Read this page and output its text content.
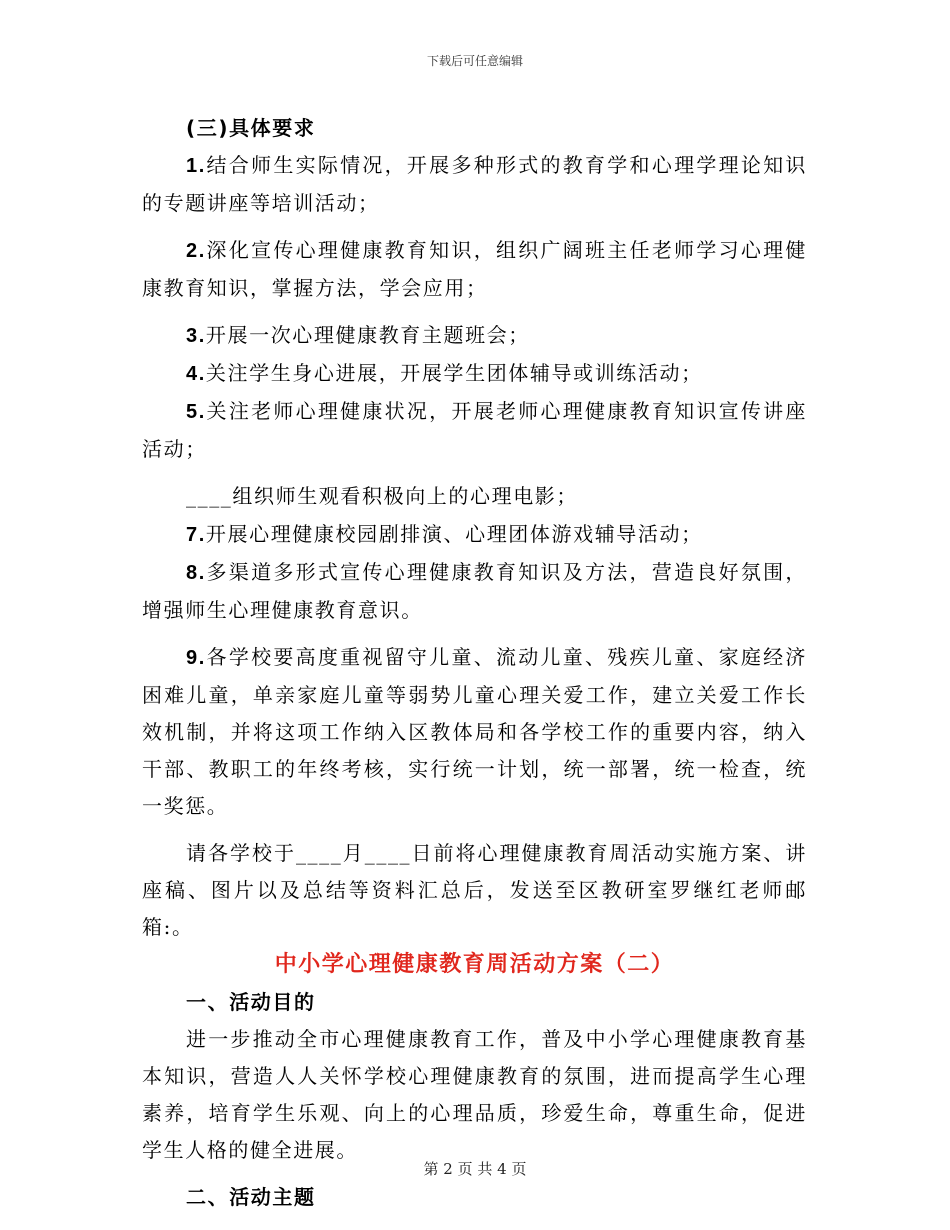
下载后可任意编辑

(三)具体要求

1.结合师生实际情况，开展多种形式的教育学和心理学理论知识的专题讲座等培训活动；

2.深化宣传心理健康教育知识，组织广阔班主任老师学习心理健康教育知识，掌握方法，学会应用；

3.开展一次心理健康教育主题班会；

4.关注学生身心进展，开展学生团体辅导或训练活动；

5.关注老师心理健康状况，开展老师心理健康教育知识宣传讲座活动；

____组织师生观看积极向上的心理电影；

7.开展心理健康校园剧排演、心理团体游戏辅导活动；

8.多渠道多形式宣传心理健康教育知识及方法，营造良好氛围，增强师生心理健康教育意识。

9.各学校要高度重视留守儿童、流动儿童、残疾儿童、家庭经济困难儿童，单亲家庭儿童等弱势儿童心理关爱工作，建立关爱工作长效机制，并将这项工作纳入区教体局和各学校工作的重要内容，纳入干部、教职工的年终考核，实行统一计划，统一部署，统一检查，统一奖惩。

请各学校于____月____日前将心理健康教育周活动实施方案、讲座稿、图片以及总结等资料汇总后，发送至区教研室罗继红老师邮箱:。

中小学心理健康教育周活动方案（二）

一、活动目的

进一步推动全市心理健康教育工作，普及中小学心理健康教育基本知识，营造人人关怀学校心理健康教育的氛围，进而提高学生心理素养，培育学生乐观、向上的心理品质，珍爱生命，尊重生命，促进学生人格的健全进展。

二、活动主题

第 2 页 共 4 页
